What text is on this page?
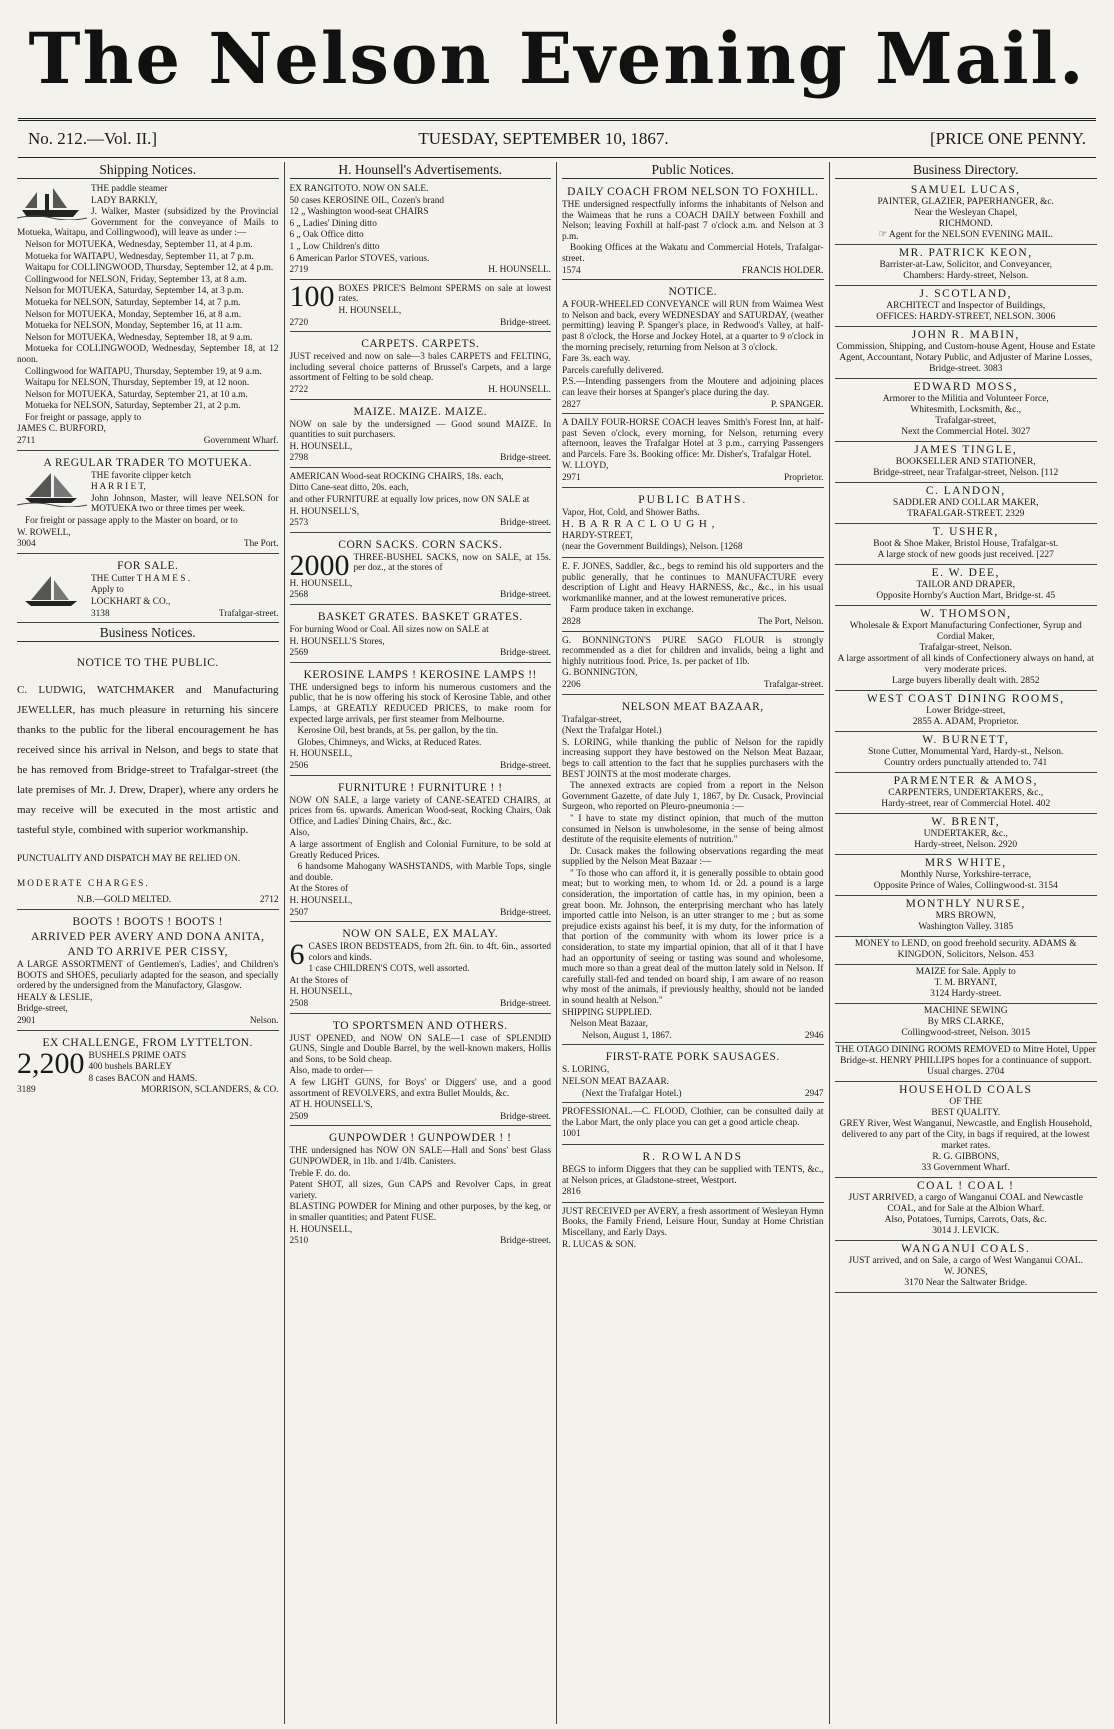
The Nelson Evening Mail.
No. 212.—Vol. II.]	TUESDAY, SEPTEMBER 10, 1867.	[PRICE ONE PENNY.
Shipping Notices.

THE paddle steamer

LADY BARKLY,

J. Walker, Master (subsidized by the Provincial Government for the conveyance of Mails to Motueka, Waitapu, and Collingwood), will leave as under :—

Nelson for MOTUEKA, Wednesday, September 11, at 4 p.m.

Motueka for WAITAPU, Wednesday, September 11, at 7 p.m.

Waitapu for COLLINGWOOD, Thursday, September 12, at 4 p.m.

Collingwood for NELSON, Friday, September 13, at 8 a.m.

Nelson for MOTUEKA, Saturday, September 14, at 3 p.m.

Motueka for NELSON, Saturday, September 14, at 7 p.m.

Nelson for MOTUEKA, Monday, September 16, at 8 a.m.

Motueka for NELSON, Monday, September 16, at 11 a.m.

Nelson for MOTUEKA, Wednesday, September 18, at 9 a.m.

Motueka for COLLINGWOOD, Wednesday, September 18, at 12 noon.

Collingwood for WAITAPU, Thursday, September 19, at 9 a.m.

Waitapu for NELSON, Thursday, September 19, at 12 noon.

Nelson for MOTUEKA, Saturday, September 21, at 10 a.m.

Motueka for NELSON, Saturday, September 21, at 2 p.m.

For freight or passage, apply to

JAMES C. BURFORD,

2711	Government Wharf.
A REGULAR TRADER TO MOTUEKA.

THE favorite clipper ketch

H A R R I E T,

John Johnson, Master, will leave NELSON for MOTUEKA two or three times per week.

For freight or passage apply to the Master on board, or to

W. ROWELL,

3004	The Port.
FOR SALE.

THE Cutter T H A M E S .

Apply to

LOCKHART & CO.,

3138	Trafalgar-street.
Business Notices.
NOTICE TO THE PUBLIC.

C. LUDWIG, WATCHMAKER and Manufacturing JEWELLER, has much pleasure in returning his sincere thanks to the public for the liberal encouragement he has received since his arrival in Nelson, and begs to state that he has removed from Bridge-street to Trafalgar-street (the late premises of Mr. J. Drew, Draper), where any orders he may receive will be executed in the most artistic and tasteful style, combined with superior workmanship.

PUNCTUALITY AND DISPATCH MAY BE RELIED ON.

MODERATE CHARGES.

N.B.—GOLD MELTED.	2712
BOOTS ! BOOTS ! BOOTS !
ARRIVED PER AVERY AND DONA ANITA,
AND TO ARRIVE PER CISSY,

A LARGE ASSORTMENT of Gentlemen's, Ladies', and Children's BOOTS and SHOES, peculiarly adapted for the season, and specially ordered by the undersigned from the Manufactory, Glasgow.

HEALY & LESLIE,

Bridge-street,

2901	Nelson.
EX CHALLENGE, FROM LYTTELTON.
2,200 BUSHELS PRIME OATS

400 bushels BARLEY

8 cases BACON and HAMS.

3189	MORRISON, SCLANDERS, & CO.
H. Hounsell's Advertisements.

EX RANGITOTO. NOW ON SALE.

50 cases KEROSINE OIL, Cozen's brand

12 „ Washington wood-seat CHAIRS

6 „ Ladies' Dining ditto

6 „ Oak Office ditto

1 „ Low Children's ditto

6 American Parlor STOVES, various.

2719	H. HOUNSELL.
100 BOXES PRICE'S Belmont SPERMS on sale at lowest rates.

H. HOUNSELL,

2720	Bridge-street.
CARPETS. CARPETS.

JUST received and now on sale—3 bales CARPETS and FELTING, including several choice patterns of Brussel's Carpets, and a large assortment of Felting to be sold cheap.

2722	H. HOUNSELL.
MAIZE. MAIZE. MAIZE.

NOW on sale by the undersigned — Good sound MAIZE. In quantities to suit purchasers.

H. HOUNSELL,

2798	Bridge-street.

AMERICAN Wood-seat ROCKING CHAIRS, 18s. each,

Ditto Cane-seat ditto, 20s. each,

and other FURNITURE at equally low prices, now ON SALE at

H. HOUNSELL'S,

2573	Bridge-street.
CORN SACKS. CORN SACKS.
2000 THREE-BUSHEL SACKS, now on SALE, at 15s. per doz., at the stores of

H. HOUNSELL,

2568	Bridge-street.
BASKET GRATES. BASKET GRATES.

For burning Wood or Coal. All sizes now on SALE at

H. HOUNSELL'S Stores,

2569	Bridge-street.
KEROSINE LAMPS ! KEROSINE LAMPS !!

THE undersigned begs to inform his numerous customers and the public, that he is now offering his stock of Kerosine Table, and other Lamps, at GREATLY REDUCED PRICES, to make room for expected large arrivals, per first steamer from Melbourne.

Kerosine Oil, best brands, at 5s. per gallon, by the tin.

Globes, Chimneys, and Wicks, at Reduced Rates.

H. HOUNSELL,

2506	Bridge-street.
FURNITURE ! FURNITURE ! !

NOW ON SALE, a large variety of CANE-SEATED CHAIRS, at prices from 6s. upwards. American Wood-seat, Rocking Chairs, Oak Office, and Ladies' Dining Chairs, &c., &c.

Also,

A large assortment of English and Colonial Furniture, to be sold at Greatly Reduced Prices.

6 handsome Mahogany WASHSTANDS, with Marble Tops, single and double.

At the Stores of

H. HOUNSELL,

2507	Bridge-street.
NOW ON SALE, EX MALAY.
6 CASES IRON BEDSTEADS, from 2ft. 6in. to 4ft. 6in., assorted colors and kinds.

1 case CHILDREN'S COTS, well assorted.

At the Stores of

H. HOUNSELL,

2508	Bridge-street.
TO SPORTSMEN AND OTHERS.

JUST OPENED, and NOW ON SALE—1 case of SPLENDID GUNS, Single and Double Barrel, by the well-known makers, Hollis and Sons, to be Sold cheap.

Also, made to order—

A few LIGHT GUNS, for Boys' or Diggers' use, and a good assortment of REVOLVERS, and extra Bullet Moulds, &c.

AT H. HOUNSELL'S,

2509	Bridge-street.
GUNPOWDER ! GUNPOWDER ! !

THE undersigned has NOW ON SALE—Hall and Sons' best Glass GUNPOWDER, in 1lb. and 1/4lb. Canisters.

Treble F. do. do.

Patent SHOT, all sizes, Gun CAPS and Revolver Caps, in great variety.

BLASTING POWDER for Mining and other purposes, by the keg, or in smaller quantities; and Patent FUSE.

H. HOUNSELL,

2510	Bridge-street.
Public Notices.
DAILY COACH FROM NELSON TO FOXHILL.

THE undersigned respectfully informs the inhabitants of Nelson and the Waimeas that he runs a COACH DAILY between Foxhill and Nelson; leaving Foxhill at half-past 7 o'clock a.m. and Nelson at 3 p.m.

Booking Offices at the Wakatu and Commercial Hotels, Trafalgar-street.

1574	FRANCIS HOLDER.
NOTICE.

A FOUR-WHEELED CONVEYANCE will RUN from Waimea West to Nelson and back, every WEDNESDAY and SATURDAY, (weather permitting) leaving P. Spanger's place, in Redwood's Valley, at half-past 8 o'clock, the Horse and Jockey Hotel, at a quarter to 9 o'clock in the morning precisely, returning from Nelson at 3 o'clock.

Fare 3s. each way.

Parcels carefully delivered.

P.S.—Intending passengers from the Moutere and adjoining places can leave their horses at Spanger's place during the day.

2827	P. SPANGER.

A DAILY FOUR-HORSE COACH leaves Smith's Forest Inn, at half-past Seven o'clock, every morning, for Nelson, returning every afternoon, leaves the Trafalgar Hotel at 3 p.m., carrying Passengers and Parcels. Fare 3s. Booking office: Mr. Disher's, Trafalgar Hotel.

W. LLOYD,

2971	Proprietor.
PUBLIC BATHS.

Vapor, Hot, Cold, and Shower Baths.

H. B A R R A C L O U G H ,

HARDY-STREET,

(near the Government Buildings), Nelson. [1268

E. F. JONES, Saddler, &c., begs to remind his old supporters and the public generally, that he continues to MANUFACTURE every description of Light and Heavy HARNESS, &c., &c., in his usual workmanlike manner, and at the lowest remunerative prices.

Farm produce taken in exchange.

2828	The Port, Nelson.

G. BONNINGTON'S PURE SAGO FLOUR is strongly recommended as a diet for children and invalids, being a light and highly nutritious food. Price, 1s. per packet of 1lb.

G. BONNINGTON,

2206	Trafalgar-street.
NELSON MEAT BAZAAR,

Trafalgar-street,

(Next the Trafalgar Hotel.)

S. LORING, while thanking the public of Nelson for the rapidly increasing support they have bestowed on the Nelson Meat Bazaar, begs to call attention to the fact that he supplies purchasers with the BEST JOINTS at the most moderate charges.

The annexed extracts are copied from a report in the Nelson Government Gazette, of date July 1, 1867, by Dr. Cusack, Provincial Surgeon, who reported on Pleuro-pneumonia :—

" I have to state my distinct opinion, that much of the mutton consumed in Nelson is unwholesome, in the sense of being almost destitute of the requisite elements of nutrition."

Dr. Cusack makes the following observations regarding the meat supplied by the Nelson Meat Bazaar :—

" To those who can afford it, it is generally possible to obtain good meat; but to working men, to whom 1d. or 2d. a pound is a large consideration, the importation of cattle has, in my opinion, been a great boon. Mr. Johnson, the enterprising merchant who has lately imported cattle into Nelson, is an utter stranger to me ; but as some prejudice exists against his beef, it is my duty, for the information of that portion of the community with whom its lower price is a consideration, to state my impartial opinion, that all of it that I have had an opportunity of seeing or tasting was sound and wholesome, much more so than a great deal of the mutton lately sold in Nelson. If carefully stall-fed and tended on board ship, I am aware of no reason why most of the animals, if previously healthy, should not be landed in sound health at Nelson."

SHIPPING SUPPLIED.

Nelson Meat Bazaar,

Nelson, August 1, 1867.	2946
FIRST-RATE PORK SAUSAGES.

S. LORING,

NELSON MEAT BAZAAR.

(Next the Trafalgar Hotel.)	2947

PROFESSIONAL.—C. FLOOD, Clothier, can be consulted daily at the Labor Mart, the only place you can get a good article cheap.

1001

R. ROWLANDS

BEGS to inform Diggers that they can be supplied with TENTS, &c., at Nelson prices, at Gladstone-street, Westport.

2816

JUST RECEIVED per AVERY, a fresh assortment of Wesleyan Hymn Books, the Family Friend, Leisure Hour, Sunday at Home Christian Miscellany, and Early Days.

R. LUCAS & SON.

Business Directory.
SAMUEL LUCAS,
PAINTER, GLAZIER, PAPERHANGER, &c.
Near the Wesleyan Chapel,
RICHMOND.
☞ Agent for the NELSON EVENING MAIL.
MR. PATRICK KEON,
Barrister-at-Law, Solicitor, and Conveyancer,
Chambers: Hardy-street, Nelson.
J. SCOTLAND,
ARCHITECT and Inspector of Buildings,
OFFICES: HARDY-STREET, NELSON. 3006
JOHN R. MABIN,
Commission, Shipping, and Custom-house Agent, House and Estate Agent, Accountant, Notary Public, and Adjuster of Marine Losses,
Bridge-street. 3083
EDWARD MOSS,
Armorer to the Militia and Volunteer Force,
Whitesmith, Locksmith, &c.,
Trafalgar-street,
Next the Commercial Hotel. 3027
JAMES TINGLE,
BOOKSELLER AND STATIONER,
Bridge-street, near Trafalgar-street, Nelson. [112
C. LANDON,
SADDLER AND COLLAR MAKER,
TRAFALGAR-STREET. 2329
T. USHER,
Boot & Shoe Maker, Bristol House, Trafalgar-st.
A large stock of new goods just received. [227
E. W. DEE,
TAILOR AND DRAPER,
Opposite Hornby's Auction Mart, Bridge-st. 45
W. THOMSON,
Wholesale & Export Manufacturing Confectioner, Syrup and Cordial Maker,
Trafalgar-street, Nelson.
A large assortment of all kinds of Confectionery always on hand, at very moderate prices.
Large buyers liberally dealt with. 2852
WEST COAST DINING ROOMS,
Lower Bridge-street,
2855 A. ADAM, Proprietor.
W. BURNETT,
Stone Cutter, Monumental Yard, Hardy-st., Nelson.
Country orders punctually attended to. 741
PARMENTER & AMOS,
CARPENTERS, UNDERTAKERS, &c.,
Hardy-street, rear of Commercial Hotel. 402
W. BRENT,
UNDERTAKER, &c.,
Hardy-street, Nelson. 2920
MRS WHITE,
Monthly Nurse, Yorkshire-terrace,
Opposite Prince of Wales, Collingwood-st. 3154
MONTHLY NURSE,
MRS BROWN,
Washington Valley. 3185
MONEY to LEND, on good freehold security. ADAMS & KINGDON, Solicitors, Nelson. 453
MAIZE for Sale. Apply to
T. M. BRYANT,
3124 Hardy-street.
MACHINE SEWING
By MRS CLARKE,
Collingwood-street, Nelson. 3015
THE OTAGO DINING ROOMS REMOVED to Mitre Hotel, Upper Bridge-st. HENRY PHILLIPS hopes for a continuance of support. Usual charges. 2704
HOUSEHOLD COALS
OF THE
BEST QUALITY.
GREY River, West Wanganui, Newcastle, and English Household, delivered to any part of the City, in bags if required, at the lowest market rates.
R. G. GIBBONS,
33 Government Wharf.
COAL ! COAL !
JUST ARRIVED, a cargo of Wanganui COAL and Newcastle COAL, and for Sale at the Albion Wharf.
Also, Potatoes, Turnips, Carrots, Oats, &c.
3014 J. LEVICK.
WANGANUI COALS.
JUST arrived, and on Sale, a cargo of West Wanganui COAL.
W. JONES,
3170 Near the Saltwater Bridge.
